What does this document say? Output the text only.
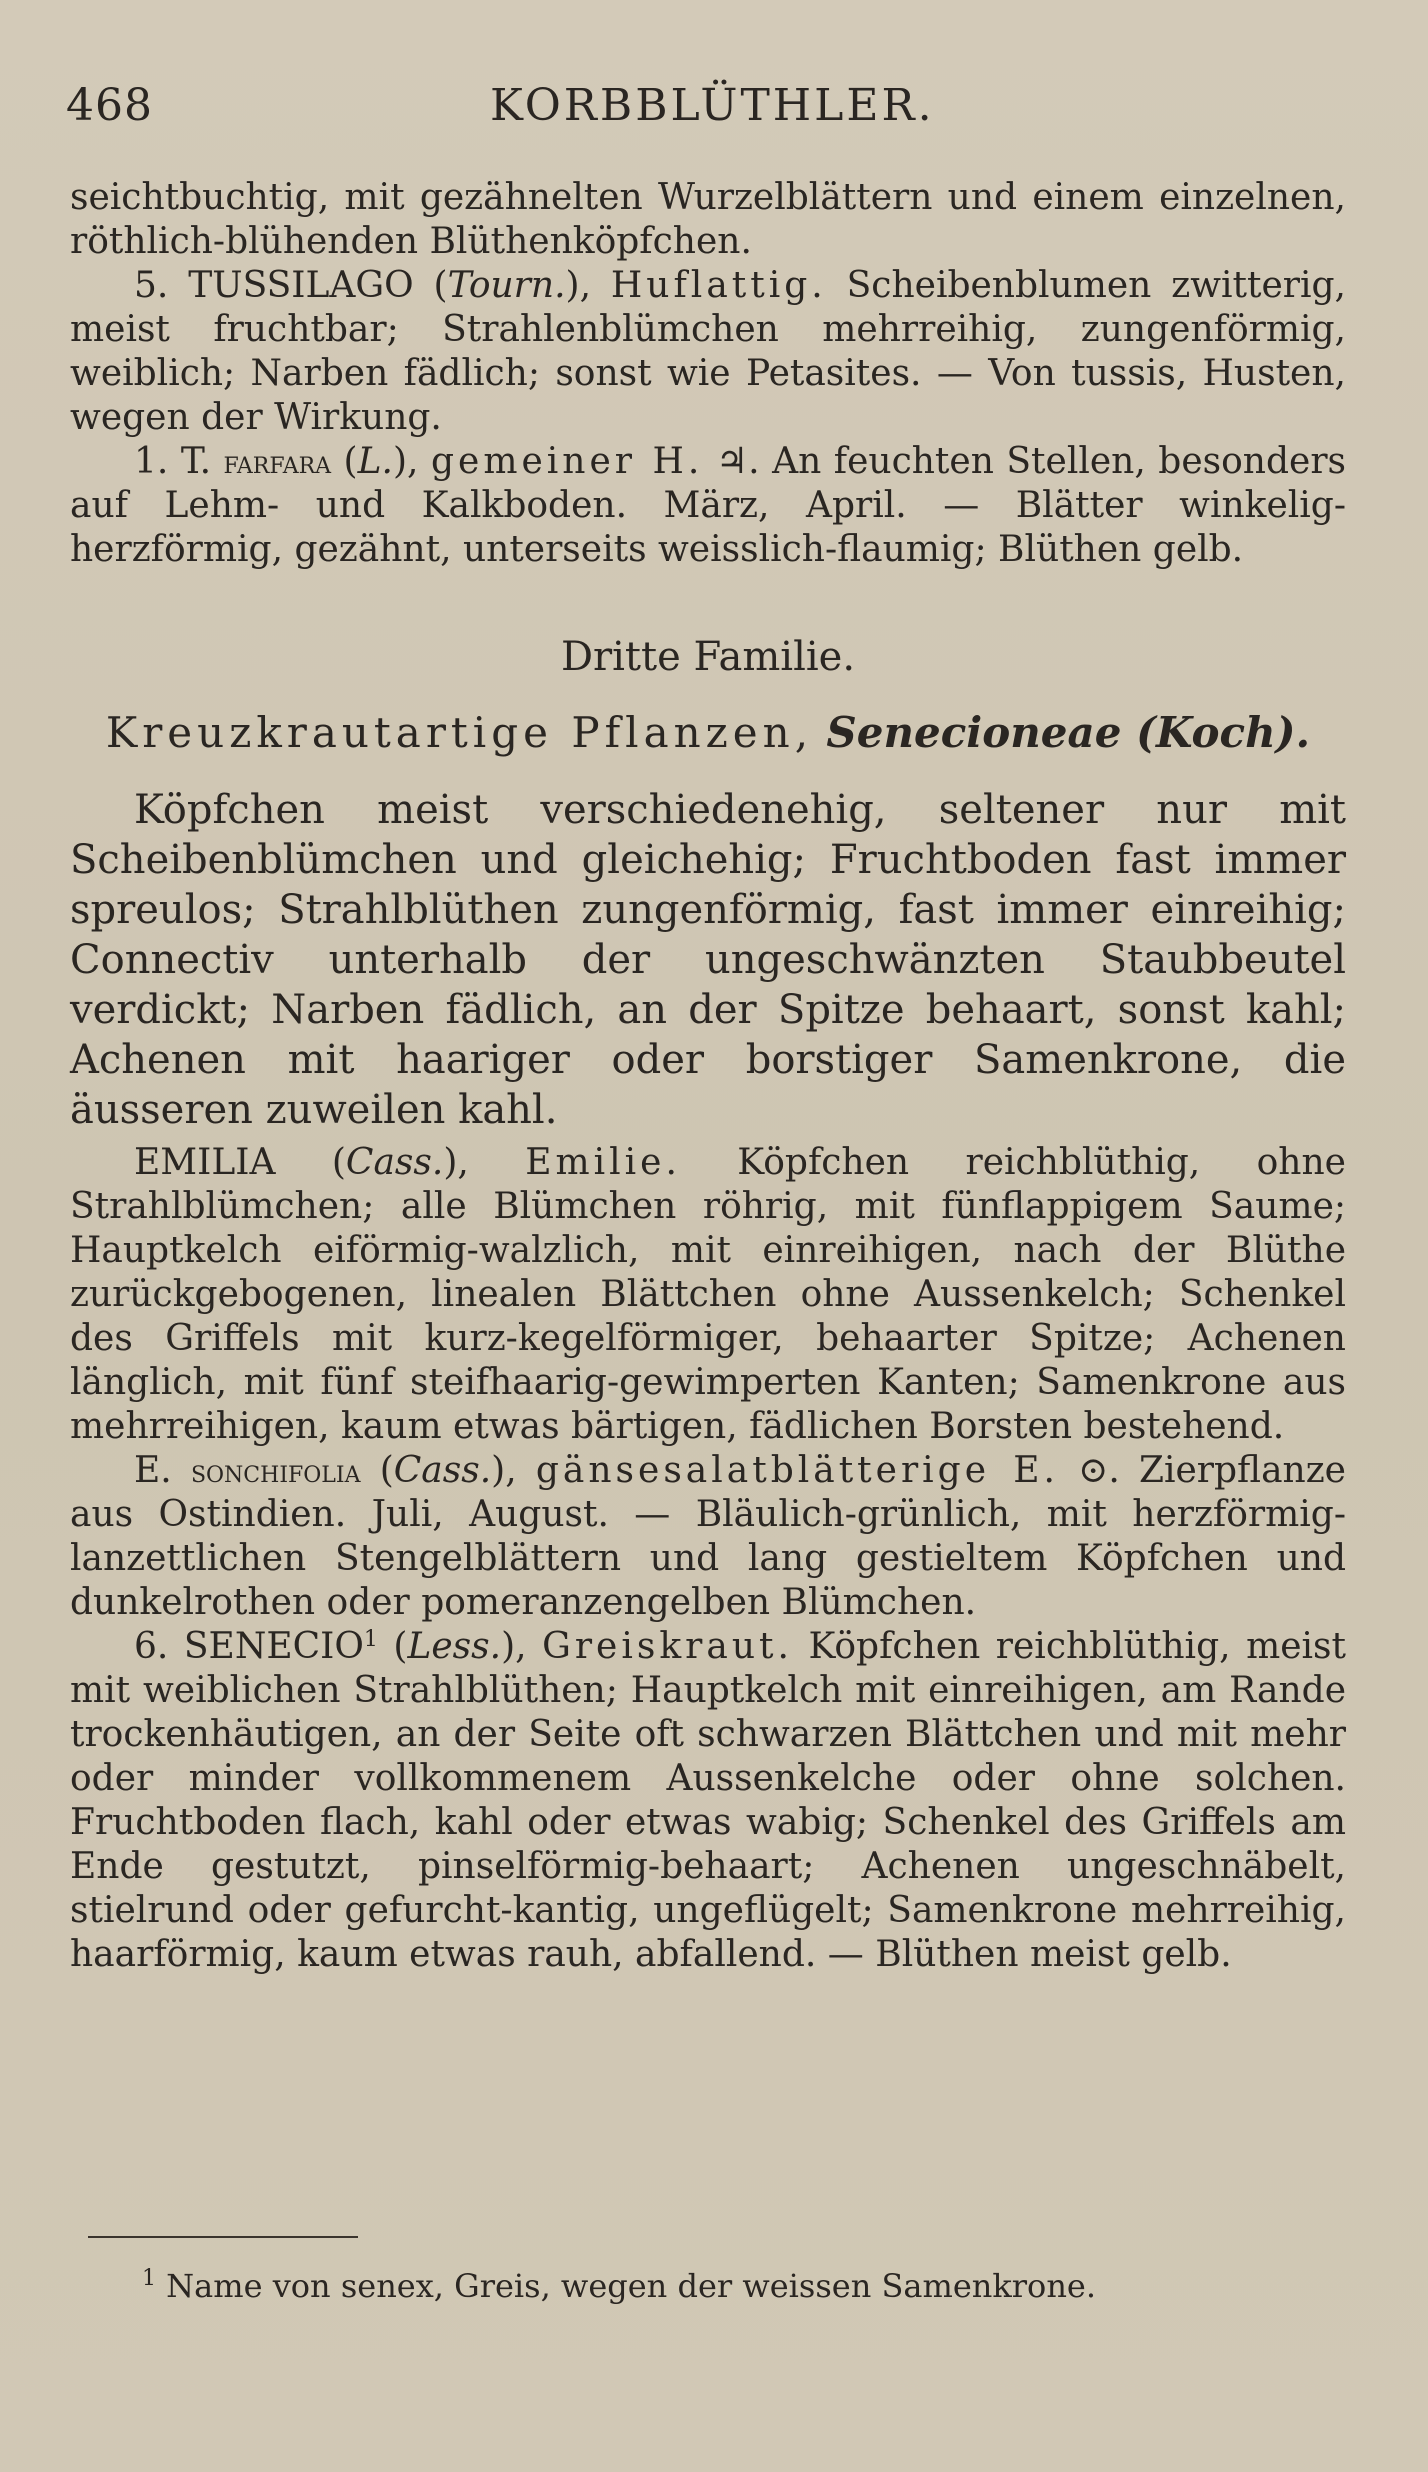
468	KORBBLÜTHLER.

seichtbuchtig, mit gezähnelten Wurzelblättern und einem einzelnen, röthlich-blühenden Blüthenköpfchen.

5. TUSSILAGO (Tourn.), Huflattig. Scheibenblumen zwitterig, meist fruchtbar; Strahlenblümchen mehrreihig, zungenförmig, weiblich; Narben fädlich; sonst wie Petasites. — Von tussis, Husten, wegen der Wirkung.

1. T. farfara (L.), gemeiner H. ♃. An feuchten Stellen, besonders auf Lehm- und Kalkboden. März, April. — Blätter winkelig-herzförmig, gezähnt, unterseits weisslich-flaumig; Blüthen gelb.

Dritte Familie.
Kreuzkrautartige Pflanzen, Senecioneae (Koch).

Köpfchen meist verschiedenehig, seltener nur mit Scheibenblümchen und gleichehig; Fruchtboden fast immer spreulos; Strahlblüthen zungenförmig, fast immer einreihig; Connectiv unterhalb der ungeschwänzten Staubbeutel verdickt; Narben fädlich, an der Spitze behaart, sonst kahl; Achenen mit haariger oder borstiger Samenkrone, die äusseren zuweilen kahl.

EMILIA (Cass.), Emilie. Köpfchen reichblüthig, ohne Strahlblümchen; alle Blümchen röhrig, mit fünflappigem Saume; Hauptkelch eiförmig-walzlich, mit einreihigen, nach der Blüthe zurückgebogenen, linealen Blättchen ohne Aussenkelch; Schenkel des Griffels mit kurz-kegelförmiger, behaarter Spitze; Achenen länglich, mit fünf steifhaarig-gewimperten Kanten; Samenkrone aus mehrreihigen, kaum etwas bärtigen, fädlichen Borsten bestehend.

E. sonchifolia (Cass.), gänsesalatblätterige E. ⊙. Zierpflanze aus Ostindien. Juli, August. — Bläulich-grünlich, mit herzförmig-lanzettlichen Stengelblättern und lang gestieltem Köpfchen und dunkelrothen oder pomeranzengelben Blümchen.

6. SENECIO$^1$ (Less.), Greiskraut. Köpfchen reichblüthig, meist mit weiblichen Strahlblüthen; Hauptkelch mit einreihigen, am Rande trockenhäutigen, an der Seite oft schwarzen Blättchen und mit mehr oder minder vollkommenem Aussenkelche oder ohne solchen. Fruchtboden flach, kahl oder etwas wabig; Schenkel des Griffels am Ende gestutzt, pinselförmig-behaart; Achenen ungeschnäbelt, stielrund oder gefurcht-kantig, ungeflügelt; Samenkrone mehrreihig, haarförmig, kaum etwas rauh, abfallend. — Blüthen meist gelb.

$^1$ Name von senex, Greis, wegen der weissen Samenkrone.
